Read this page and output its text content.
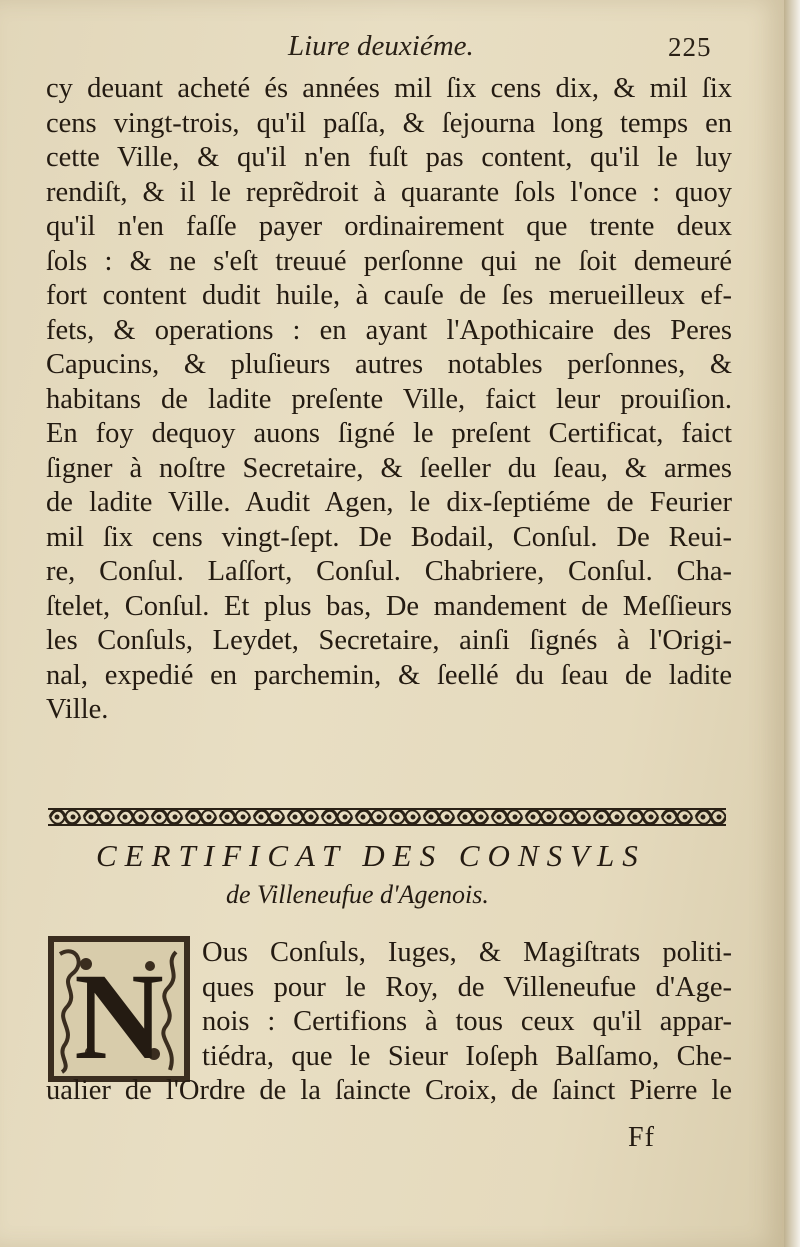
Liure deuxiéme.	225
cy deuant acheté és années mil ſix cens dix, & mil ſix
cens vingt-trois, qu'il paſſa, & ſejourna long temps en
cette Ville, & qu'il n'en fuſt pas content, qu'il le luy
rendiſt, & il le reprẽdroit à quarante ſols l'once : quoy
qu'il n'en faſſe payer ordinairement que trente deux
ſols : & ne s'eſt treuué perſonne qui ne ſoit demeuré
fort content dudit huile, à cauſe de ſes merueilleux ef-
fets, & operations : en ayant l'Apothicaire des Peres
Capucins, & pluſieurs autres notables perſonnes, &
habitans de ladite preſente Ville, faict leur prouiſion.
En foy dequoy auons ſigné le preſent Certificat, faict
ſigner à noſtre Secretaire, & ſeeller du ſeau, & armes
de ladite Ville. Audit Agen, le dix-ſeptiéme de Feurier
mil ſix cens vingt-ſept. De Bodail, Conſul. De Reui-
re, Conſul. Laſſort, Conſul. Chabriere, Conſul. Cha-
ſtelet, Conſul. Et plus bas, De mandement de Meſſieurs
les Conſuls, Leydet, Secretaire, ainſi ſignés à l'Origi-
nal, expedié en parchemin, & ſeellé du ſeau de ladite
Ville.
CERTIFICAT DES CONSVLS
de Villeneufue d'Agenois.
N	Ous Conſuls, Iuges, & Magiſtrats politi-
ques pour le Roy, de Villeneufue d'Age-
nois : Certifions à tous ceux qu'il appar-
tiédra, que le Sieur Ioſeph Balſamo, Che-
ualier de l'Ordre de la ſaincte Croix, de ſainct Pierre le
Ff
